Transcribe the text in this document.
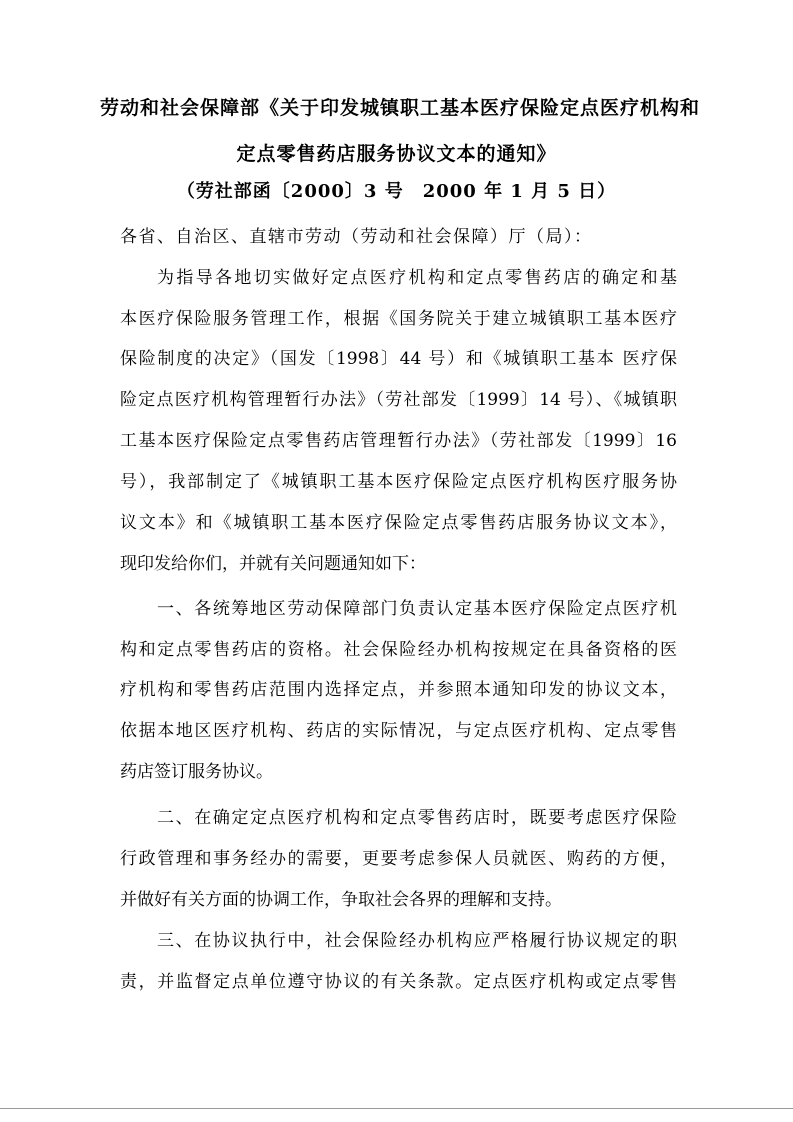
劳动和社会保障部《关于印发城镇职工基本医疗保险定点医疗机构和
定点零售药店服务协议文本的通知》
（劳社部函〔2000〕3 号　2000 年 1 月 5 日）
各省、自治区、直辖市劳动（劳动和社会保障）厅（局）：
为指导各地切实做好定点医疗机构和定点零售药店的确定和基
本医疗保险服务管理工作，根据《国务院关于建立城镇职工基本医疗
保险制度的决定》（国发〔1998〕44 号）和《城镇职工基本 医疗保
险定点医疗机构管理暂行办法》（劳社部发〔1999〕14 号）、《城镇职
工基本医疗保险定点零售药店管理暂行办法》（劳社部发〔1999〕16
号），我部制定了《城镇职工基本医疗保险定点医疗机构医疗服务协
议文本》和《城镇职工基本医疗保险定点零售药店服务协议文本》，
现印发给你们，并就有关问题通知如下：
一、各统筹地区劳动保障部门负责认定基本医疗保险定点医疗机
构和定点零售药店的资格。社会保险经办机构按规定在具备资格的医
疗机构和零售药店范围内选择定点，并参照本通知印发的协议文本，
依据本地区医疗机构、药店的实际情况，与定点医疗机构、定点零售
药店签订服务协议。
二、在确定定点医疗机构和定点零售药店时，既要考虑医疗保险
行政管理和事务经办的需要，更要考虑参保人员就医、购药的方便，
并做好有关方面的协调工作，争取社会各界的理解和支持。
三、在协议执行中，社会保险经办机构应严格履行协议规定的职
责，并监督定点单位遵守协议的有关条款。定点医疗机构或定点零售
